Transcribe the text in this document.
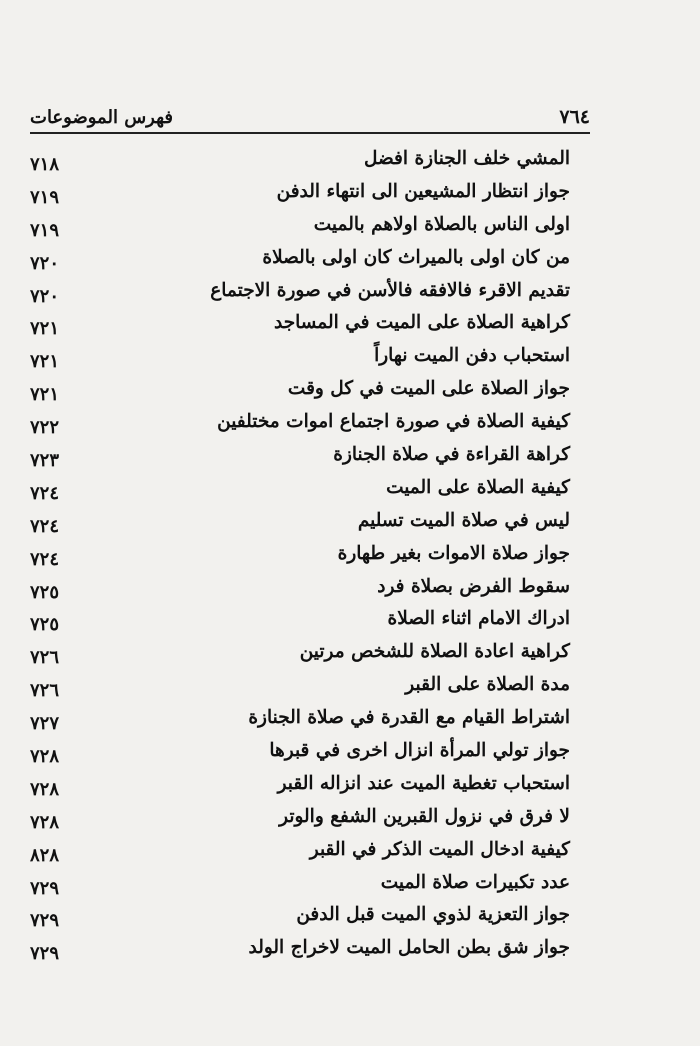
٧٦٤
فهرس الموضوعات
المشي خلف الجنازة افضل
٧١٨
جواز انتظار المشيعين الى انتهاء الدفن
٧١٩
اولى الناس بالصلاة اولاهم بالميت
٧١٩
من كان اولى بالميراث كان اولى بالصلاة
٧٢٠
تقديم الاقرء فالافقه فالأسن في صورة الاجتماع
٧٢٠
كراهية الصلاة على الميت في المساجد
٧٢١
استحباب دفن الميت نهاراً
٧٢١
جواز الصلاة على الميت في كل وقت
٧٢١
كيفية الصلاة في صورة اجتماع اموات مختلفين
٧٢٢
كراهة القراءة في صلاة الجنازة
٧٢٣
كيفية الصلاة على الميت
٧٢٤
ليس في صلاة الميت تسليم
٧٢٤
جواز صلاة الاموات بغير طهارة
٧٢٤
سقوط الفرض بصلاة فرد
٧٢٥
ادراك الامام اثناء الصلاة
٧٢٥
كراهية اعادة الصلاة للشخص مرتين
٧٢٦
مدة الصلاة على القبر
٧٢٦
اشتراط القيام مع القدرة في صلاة الجنازة
٧٢٧
جواز تولي المرأة انزال اخرى في قبرها
٧٢٨
استحباب تغطية الميت عند انزاله القبر
٧٢٨
لا فرق في نزول القبرين الشفع والوتر
٧٢٨
كيفية ادخال الميت الذكر في القبر
٨٢٨
عدد تكبيرات صلاة الميت
٧٢٩
جواز التعزية لذوي الميت قبل الدفن
٧٢٩
جواز شق بطن الحامل الميت لاخراج الولد
٧٢٩
